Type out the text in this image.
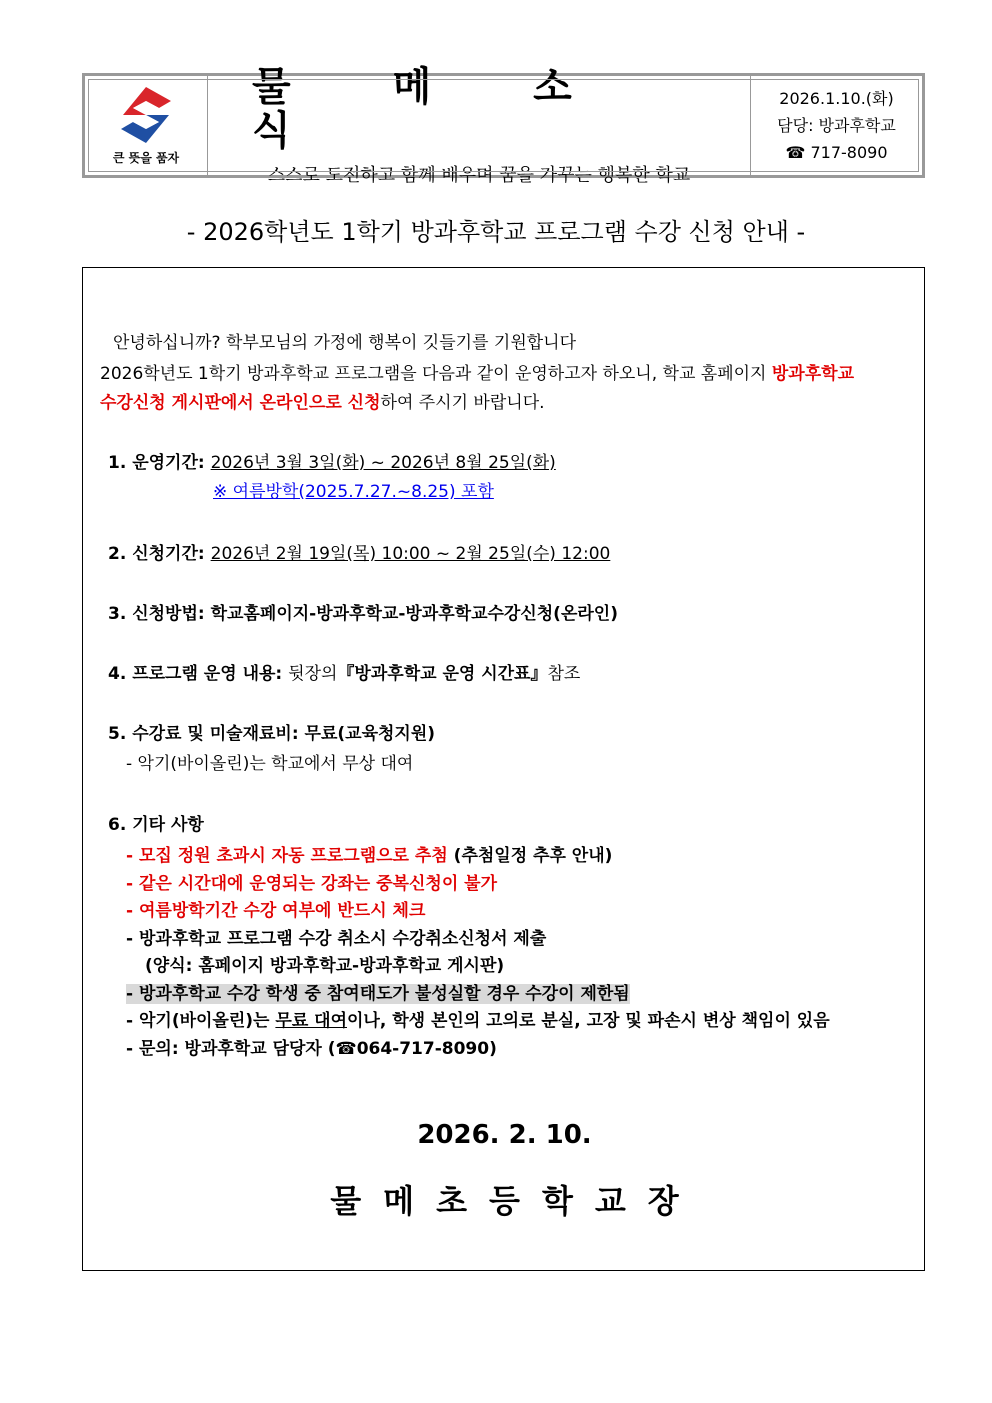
큰 뜻을 품자
물 메 소 식
스스로 도전하고 함께 배우며 꿈을 가꾸는 행복한 학교
2026.1.10.(화)
담당: 방과후학교
☎ 717-8090
- 2026학년도 1학기 방과후학교 프로그램 수강 신청 안내 -
안녕하십니까? 학부모님의 가정에 행복이 깃들기를 기원합니다
2026학년도 1학기 방과후학교 프로그램을 다음과 같이 운영하고자 하오니, 학교 홈페이지 방과후학교
수강신청 게시판에서 온라인으로 신청하여 주시기 바랍니다.
1. 운영기간: 2026년 3월 3일(화) ~ 2026년 8월 25일(화)
※ 여름방학(2025.7.27.~8.25) 포함
2. 신청기간: 2026년 2월 19일(목) 10:00 ~ 2월 25일(수) 12:00
3. 신청방법: 학교홈페이지-방과후학교-방과후학교수강신청(온라인)
4. 프로그램 운영 내용: 뒷장의『방과후학교 운영 시간표』참조
5. 수강료 및 미술재료비: 무료(교육청지원)
- 악기(바이올린)는 학교에서 무상 대여
6. 기타 사항
- 모집 정원 초과시 자동 프로그램으로 추첨 (추첨일정 추후 안내)
- 같은 시간대에 운영되는 강좌는 중복신청이 불가
- 여름방학기간 수강 여부에 반드시 체크
- 방과후학교 프로그램 수강 취소시 수강취소신청서 제출
(양식: 홈페이지 방과후학교-방과후학교 게시판)
- 방과후학교 수강 학생 중 참여태도가 불성실할 경우 수강이 제한됨
- 악기(바이올린)는 무료 대여이나, 학생 본인의 고의로 분실, 고장 및 파손시 변상 책임이 있음
- 문의: 방과후학교 담당자 (☎064-717-8090)
2026. 2. 10.
물메초등학교장
